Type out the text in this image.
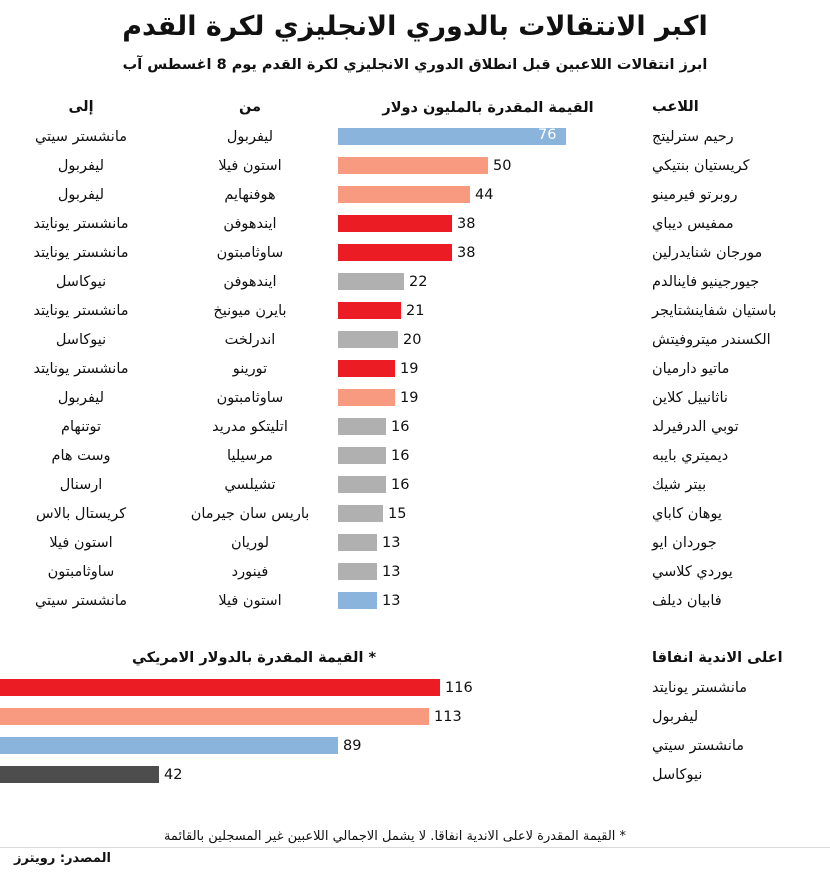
اكبر الانتقالات بالدوري الانجليزي لكرة القدم
ابرز انتقالات اللاعبين قبل انطلاق الدوري الانجليزي لكرة القدم يوم 8 اغسطس آب
اللاعب
القيمة المقدرة بالمليون دولار
من
إلى
رحيم سترليتج
76
ليفربول
مانشستر سيتي
كريستيان بنتيكي
50
استون فيلا
ليفربول
روبرتو فيرمينو
44
هوفنهايم
ليفربول
ممفيس ديباي
38
ايندهوفن
مانشستر يونايتد
مورجان شنايدرلين
38
ساوثامبتون
مانشستر يونايتد
جيورجينيو فاينالدم
22
ايندهوفن
نيوكاسل
باستيان شفاينشتايجر
21
بايرن ميونيخ
مانشستر يونايتد
الكسندر ميتروفيتش
20
اندرلخت
نيوكاسل
ماتيو دارميان
19
تورينو
مانشستر يونايتد
ناثانييل كلاين
19
ساوثامبتون
ليفربول
توبي الدرفيرلد
16
اتليتكو مدريد
توتنهام
ديميتري بايبه
16
مرسيليا
وست هام
بيتر شيك
16
تشيلسي
ارسنال
يوهان كاباي
15
باريس سان جيرمان
كريستال بالاس
جوردان ايو
13
لوريان
استون فيلا
يوردي كلاسي
13
فينورد
ساوثامبتون
فابيان ديلف
13
استون فيلا
مانشستر سيتي
اعلى الاندية انفاقا
* القيمة المقدرة بالدولار الامريكي
مانشستر يونايتد
116
ليفربول
113
مانشستر سيتي
89
نيوكاسل
42
* القيمة المقدرة لاعلى الاندية انفاقا. لا يشمل الاجمالي اللاعبين غير المسجلين بالقائمة
المصدر: رويترز
